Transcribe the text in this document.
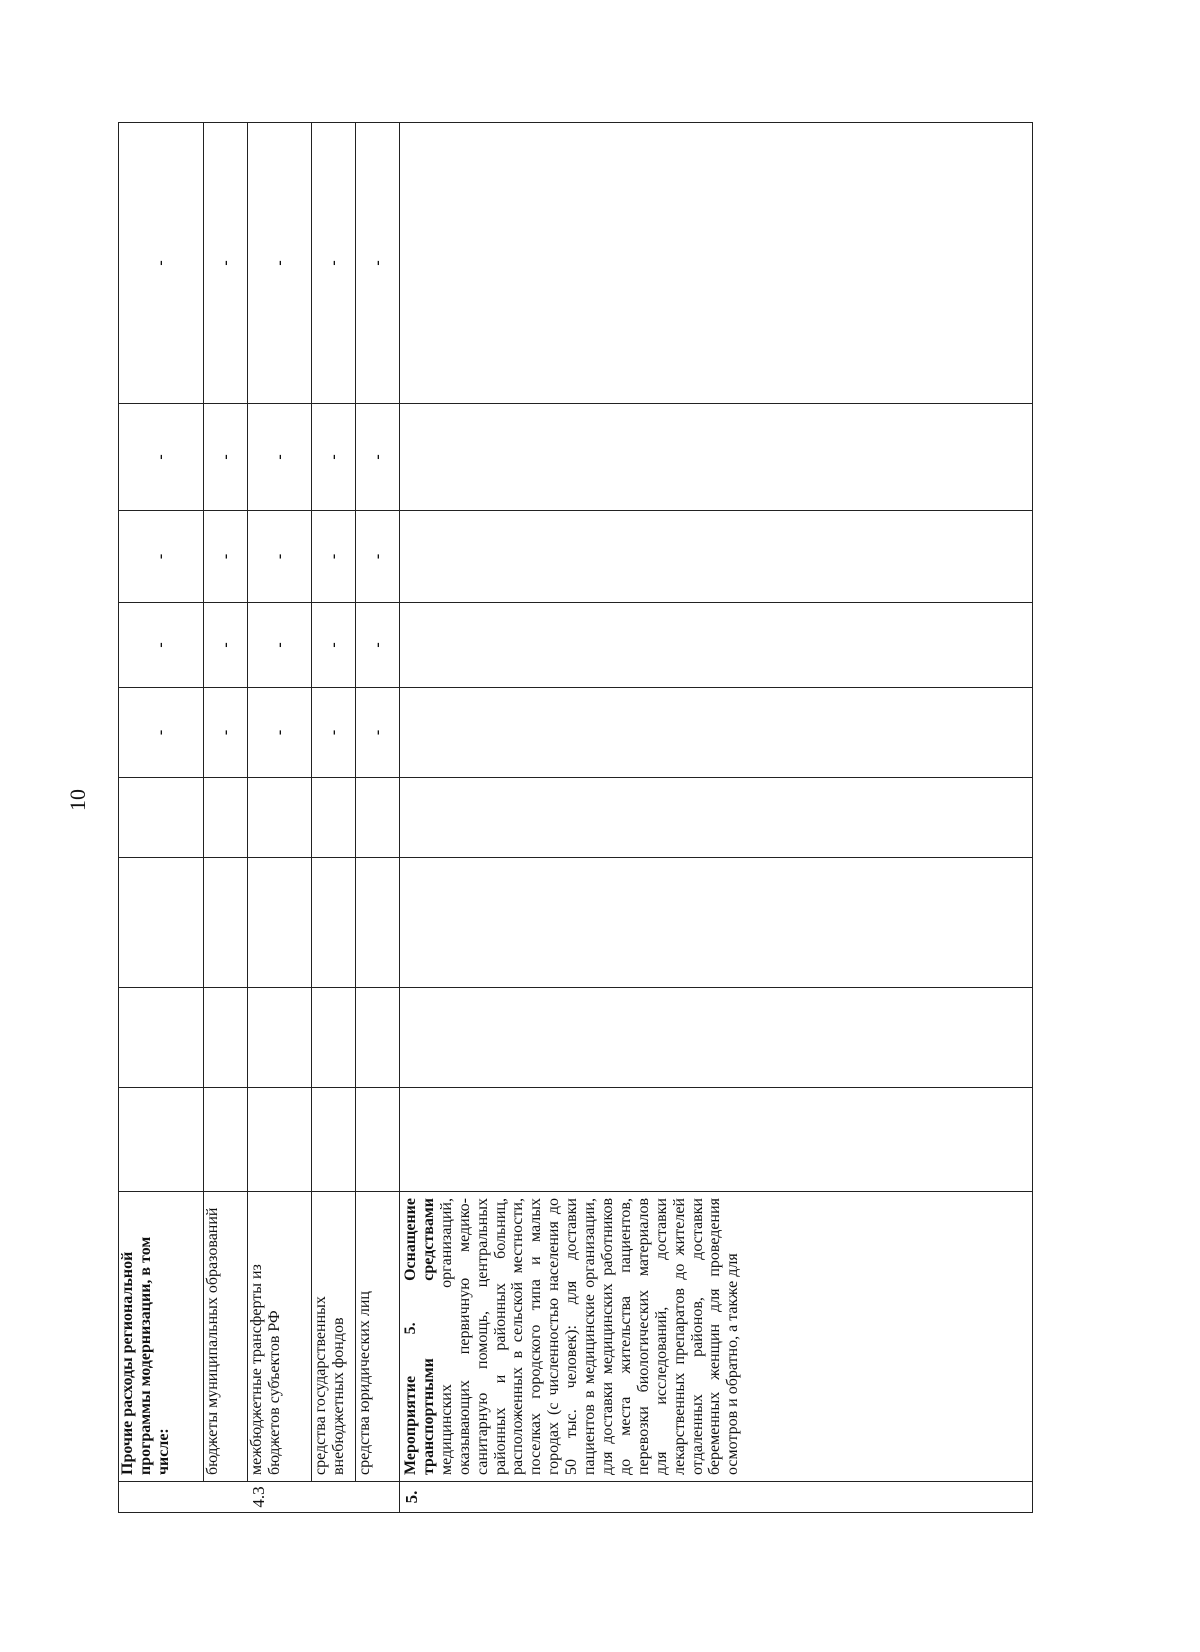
10
4.3	Прочие расходы региональной программы модернизации, в том числе:					-	-	-	-	-
	бюджеты муниципальных образований					-	-	-	-	-
	межбюджетные трансферты из бюджетов субъектов РФ					-	-	-	-	-
	средства государственных внебюджетных фондов					-	-	-	-	-
	средства юридических лиц					-	-	-	-	-
5.	Мероприятие 5. Оснащение транспортными средствами медицинских организаций, оказывающих первичную медико-санитарную помощь, центральных районных и районных больниц, расположенных в сельской местности, поселках городского типа и малых городах (с численностью населения до 50 тыс. человек): для доставки пациентов в медицинские организации, для доставки медицинских работников до места жительства пациентов, перевозки биологических материалов для исследований, доставки лекарственных препаратов до жителей отдаленных районов, доставки беременных женщин для проведения осмотров и обратно, а также для									
